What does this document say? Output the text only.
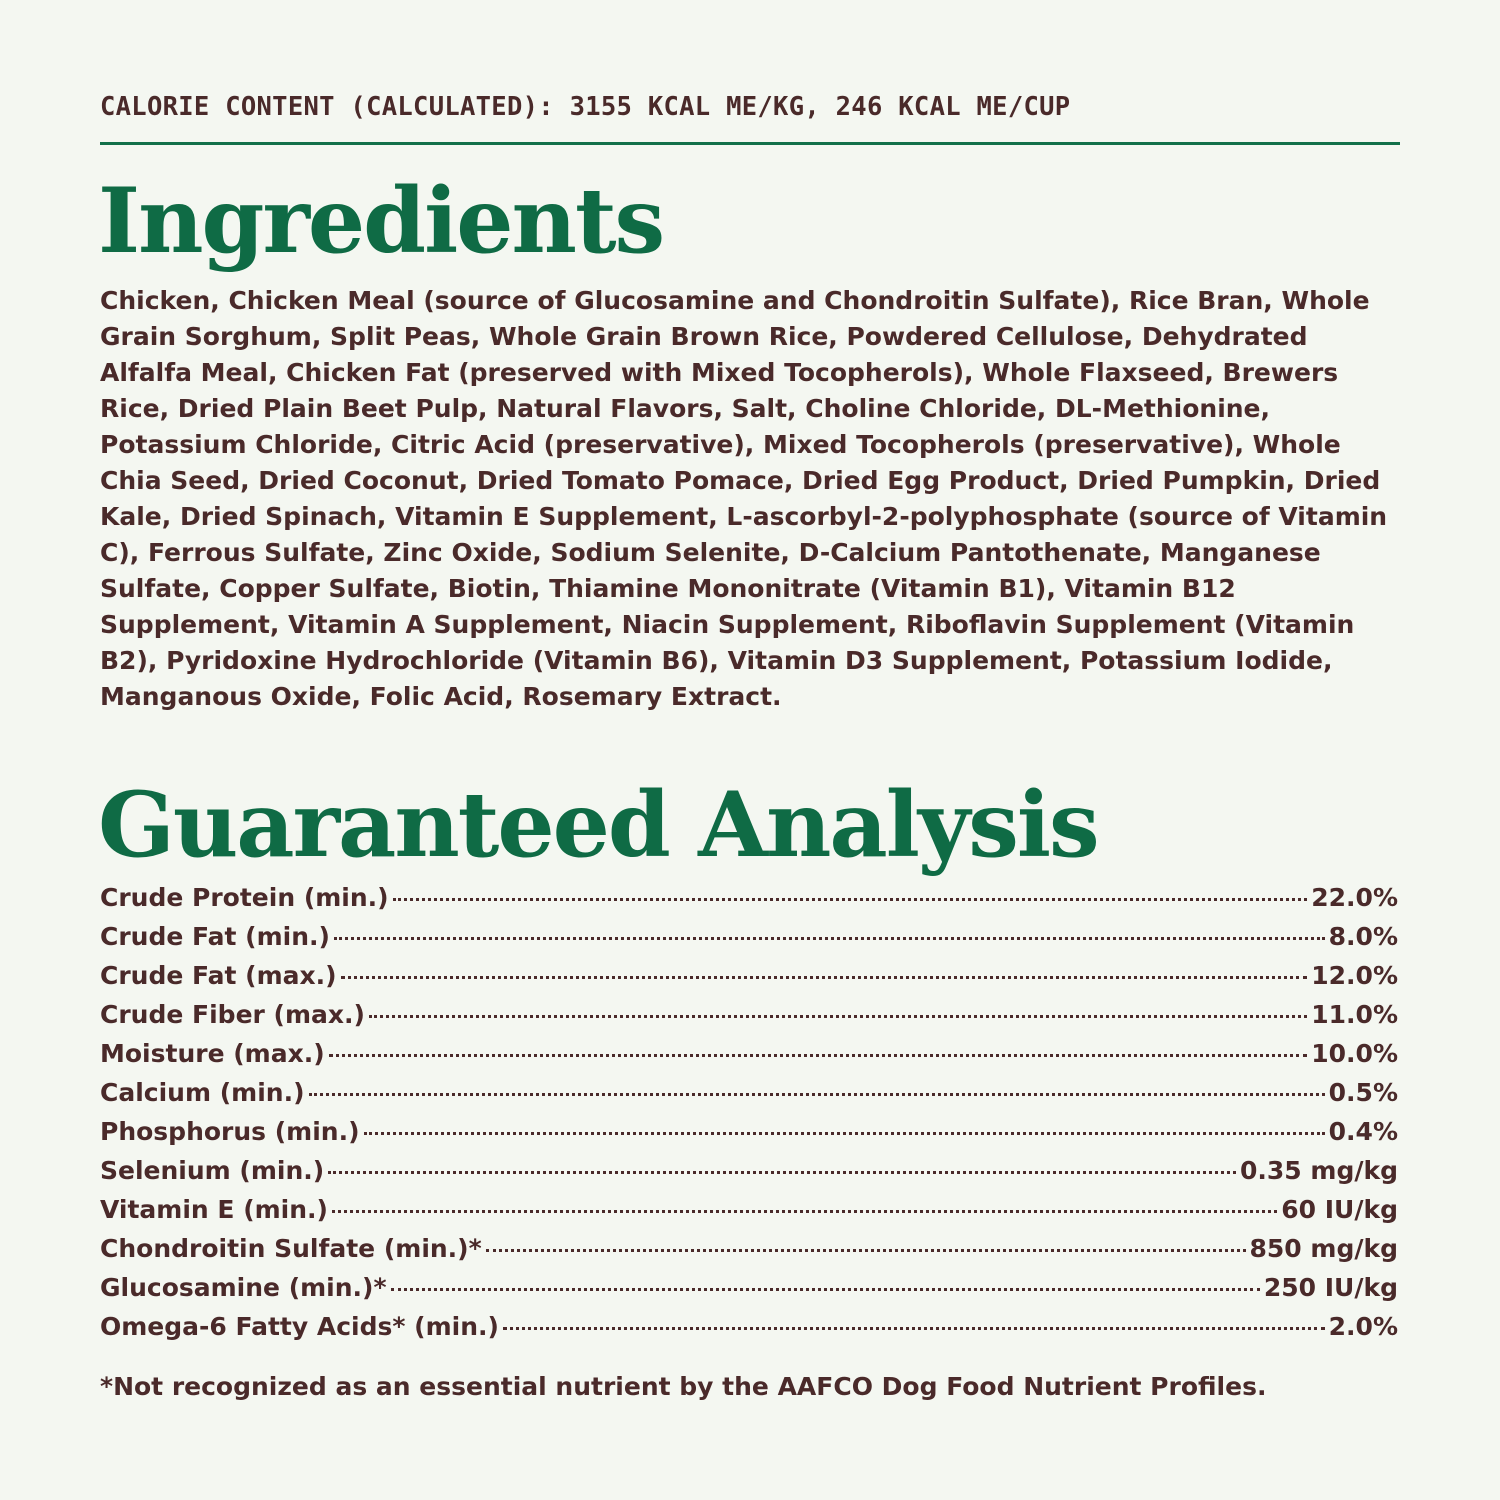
CALORIE CONTENT (CALCULATED): 3155 KCAL ME/KG, 246 KCAL ME/CUP
Ingredients
Chicken, Chicken Meal (source of Glucosamine and Chondroitin Sulfate), Rice Bran, Whole Grain Sorghum, Split Peas, Whole Grain Brown Rice, Powdered Cellulose, Dehydrated Alfalfa Meal, Chicken Fat (preserved with Mixed Tocopherols), Whole Flaxseed, Brewers Rice, Dried Plain Beet Pulp, Natural Flavors, Salt, Choline Chloride, DL-Methionine, Potassium Chloride, Citric Acid (preservative), Mixed Tocopherols (preservative), Whole Chia Seed, Dried Coconut, Dried Tomato Pomace, Dried Egg Product, Dried Pumpkin, Dried Kale, Dried Spinach, Vitamin E Supplement, L-ascorbyl-2-polyphosphate (source of Vitamin C), Ferrous Sulfate, Zinc Oxide, Sodium Selenite, D-Calcium Pantothenate, Manganese Sulfate, Copper Sulfate, Biotin, Thiamine Mononitrate (Vitamin B1), Vitamin B12 Supplement, Vitamin A Supplement, Niacin Supplement, Riboflavin Supplement (Vitamin B2), Pyridoxine Hydrochloride (Vitamin B6), Vitamin D3 Supplement, Potassium Iodide, Manganous Oxide, Folic Acid, Rosemary Extract.
Guaranteed Analysis
Crude Protein (min.)	22.0%
Crude Fat (min.)	8.0%
Crude Fat (max.)	12.0%
Crude Fiber (max.)	11.0%
Moisture (max.)	10.0%
Calcium (min.)	0.5%
Phosphorus (min.)	0.4%
Selenium (min.)	0.35 mg/kg
Vitamin E (min.)	60 IU/kg
Chondroitin Sulfate (min.)*	850 mg/kg
Glucosamine (min.)*	250 IU/kg
Omega-6 Fatty Acids* (min.)	2.0%
*Not recognized as an essential nutrient by the AAFCO Dog Food Nutrient Profiles.
